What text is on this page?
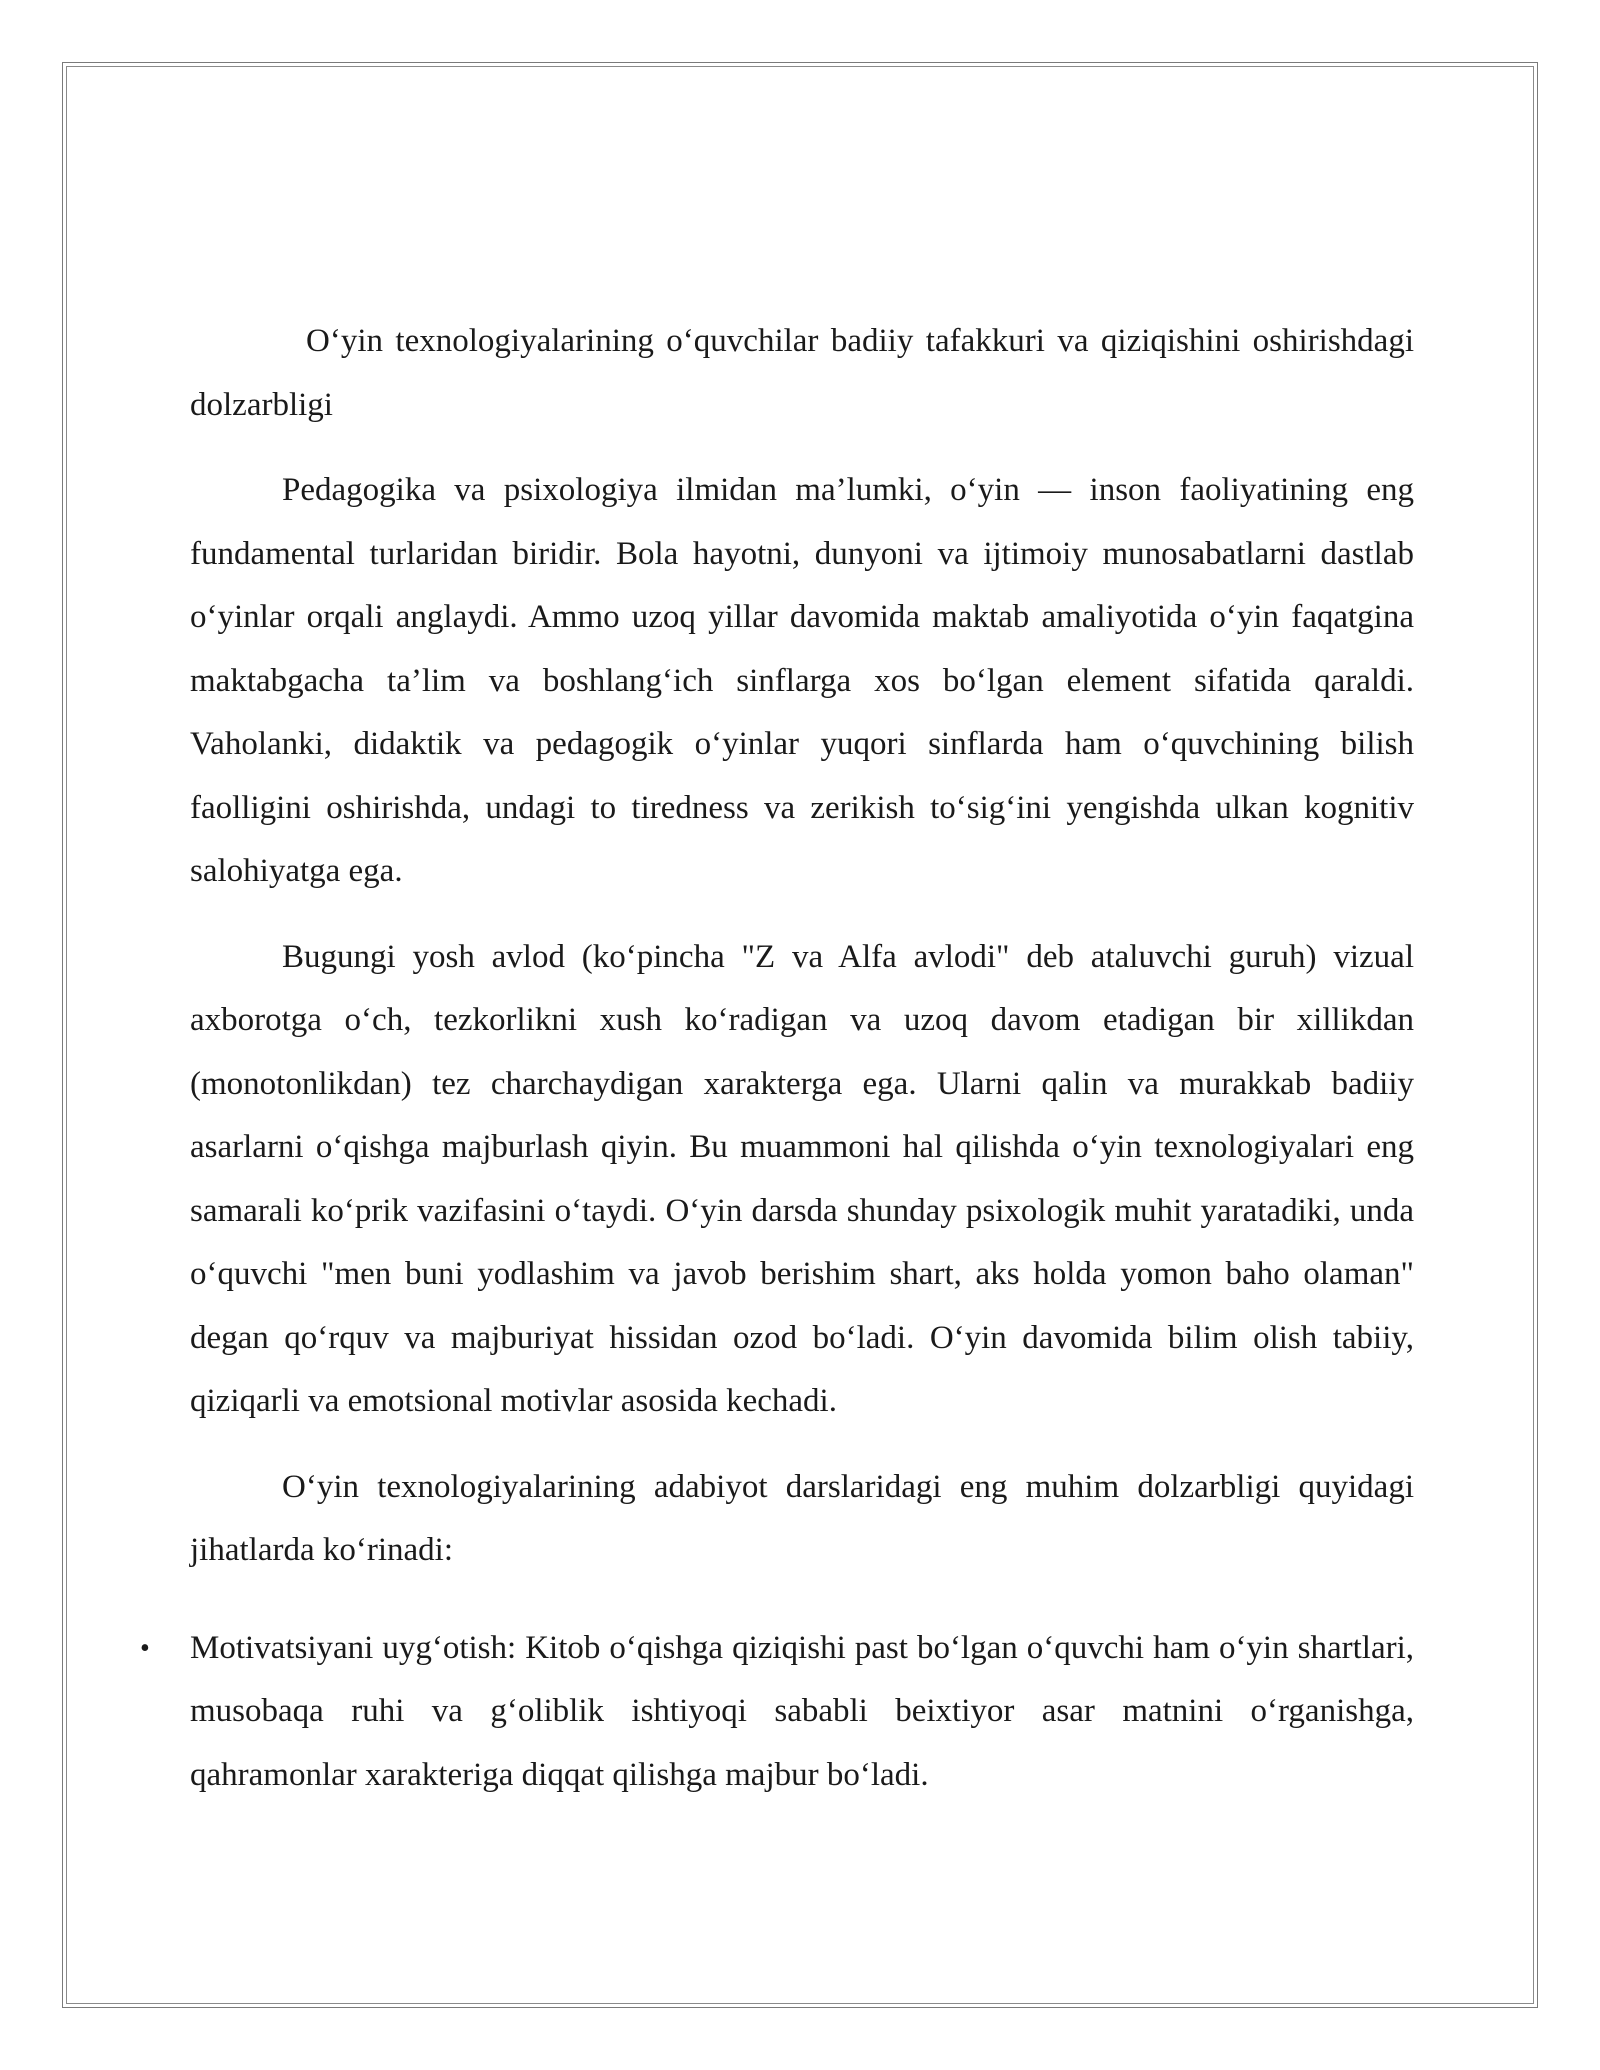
O‘yin texnologiyalarining o‘quvchilar badiiy tafakkuri va qiziqishini oshirishdagi dolzarbligi

Pedagogika va psixologiya ilmidan ma’lumki, o‘yin — inson faoliyatining eng fundamental turlaridan biridir. Bola hayotni, dunyoni va ijtimoiy munosabatlarni dastlab o‘yinlar orqali anglaydi. Ammo uzoq yillar davomida maktab amaliyotida o‘yin faqatgina maktabgacha ta’lim va boshlang‘ich sinflarga xos bo‘lgan element sifatida qaraldi. Vaholanki, didaktik va pedagogik o‘yinlar yuqori sinflarda ham o‘quvchining bilish faolligini oshirishda, undagi to tiredness va zerikish to‘sig‘ini yengishda ulkan kognitiv salohiyatga ega.

Bugungi yosh avlod (ko‘pincha "Z va Alfa avlodi" deb ataluvchi guruh) vizual axborotga o‘ch, tezkorlikni xush ko‘radigan va uzoq davom etadigan bir xillikdan (monotonlikdan) tez charchaydigan xarakterga ega. Ularni qalin va murakkab badiiy asarlarni o‘qishga majburlash qiyin. Bu muammoni hal qilishda o‘yin texnologiyalari eng samarali ko‘prik vazifasini o‘taydi. O‘yin darsda shunday psixologik muhit yaratadiki, unda o‘quvchi "men buni yodlashim va javob berishim shart, aks holda yomon baho olaman" degan qo‘rquv va majburiyat hissidan ozod bo‘ladi. O‘yin davomida bilim olish tabiiy, qiziqarli va emotsional motivlar asosida kechadi.

O‘yin texnologiyalarining adabiyot darslaridagi eng muhim dolzarbligi quyidagi jihatlarda ko‘rinadi:

• Motivatsiyani uyg‘otish: Kitob o‘qishga qiziqishi past bo‘lgan o‘quvchi ham o‘yin shartlari, musobaqa ruhi va g‘oliblik ishtiyoqi sababli beixtiyor asar matnini o‘rganishga, qahramonlar xarakteriga diqqat qilishga majbur bo‘ladi.
